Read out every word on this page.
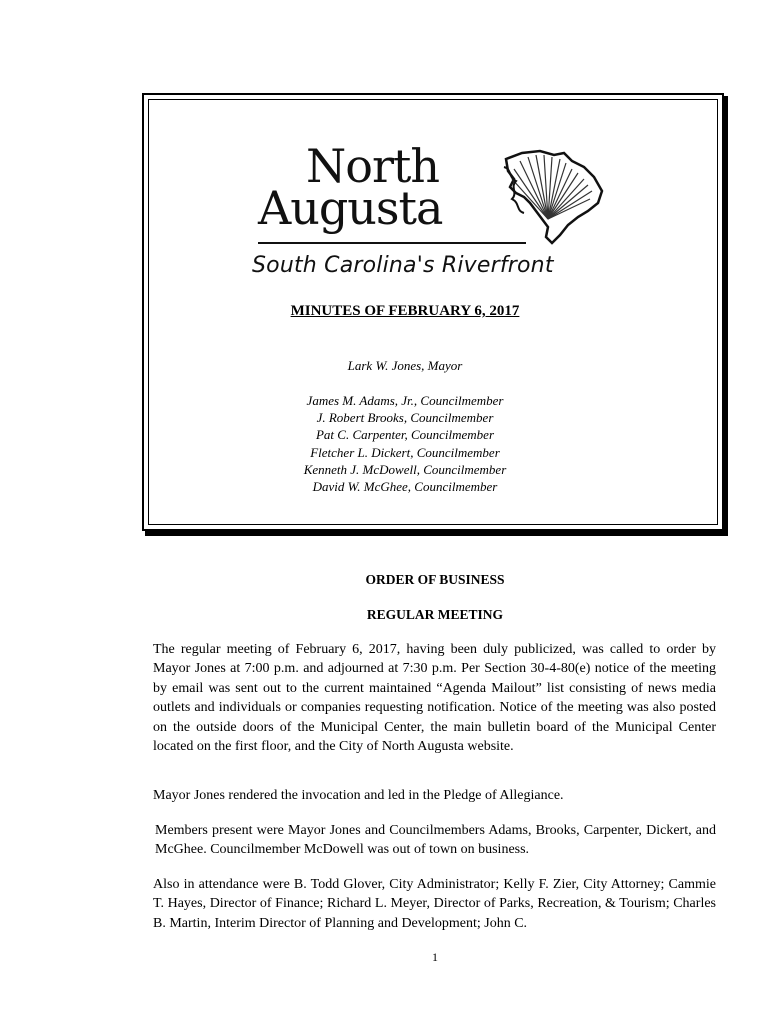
North
Augusta
South Carolina's Riverfront
MINUTES OF FEBRUARY 6, 2017
Lark W. Jones, Mayor
James M. Adams, Jr., Councilmember
J. Robert Brooks, Councilmember
Pat C. Carpenter, Councilmember
Fletcher L. Dickert, Councilmember
Kenneth J. McDowell, Councilmember
David W. McGhee, Councilmember
ORDER OF BUSINESS
REGULAR MEETING

The regular meeting of February 6, 2017, having been duly publicized, was called to order by Mayor Jones at 7:00 p.m. and adjourned at 7:30 p.m. Per Section 30-4-80(e) notice of the meeting by email was sent out to the current maintained “Agenda Mailout” list consisting of news media outlets and individuals or companies requesting notification. Notice of the meeting was also posted on the outside doors of the Municipal Center, the main bulletin board of the Municipal Center located on the first floor, and the City of North Augusta website.

Mayor Jones rendered the invocation and led in the Pledge of Allegiance.

Members present were Mayor Jones and Councilmembers Adams, Brooks, Carpenter, Dickert, and McGhee. Councilmember McDowell was out of town on business.

Also in attendance were B. Todd Glover, City Administrator; Kelly F. Zier, City Attorney; Cammie T. Hayes, Director of Finance; Richard L. Meyer, Director of Parks, Recreation, & Tourism; Charles B. Martin, Interim Director of Planning and Development; John C.

1
